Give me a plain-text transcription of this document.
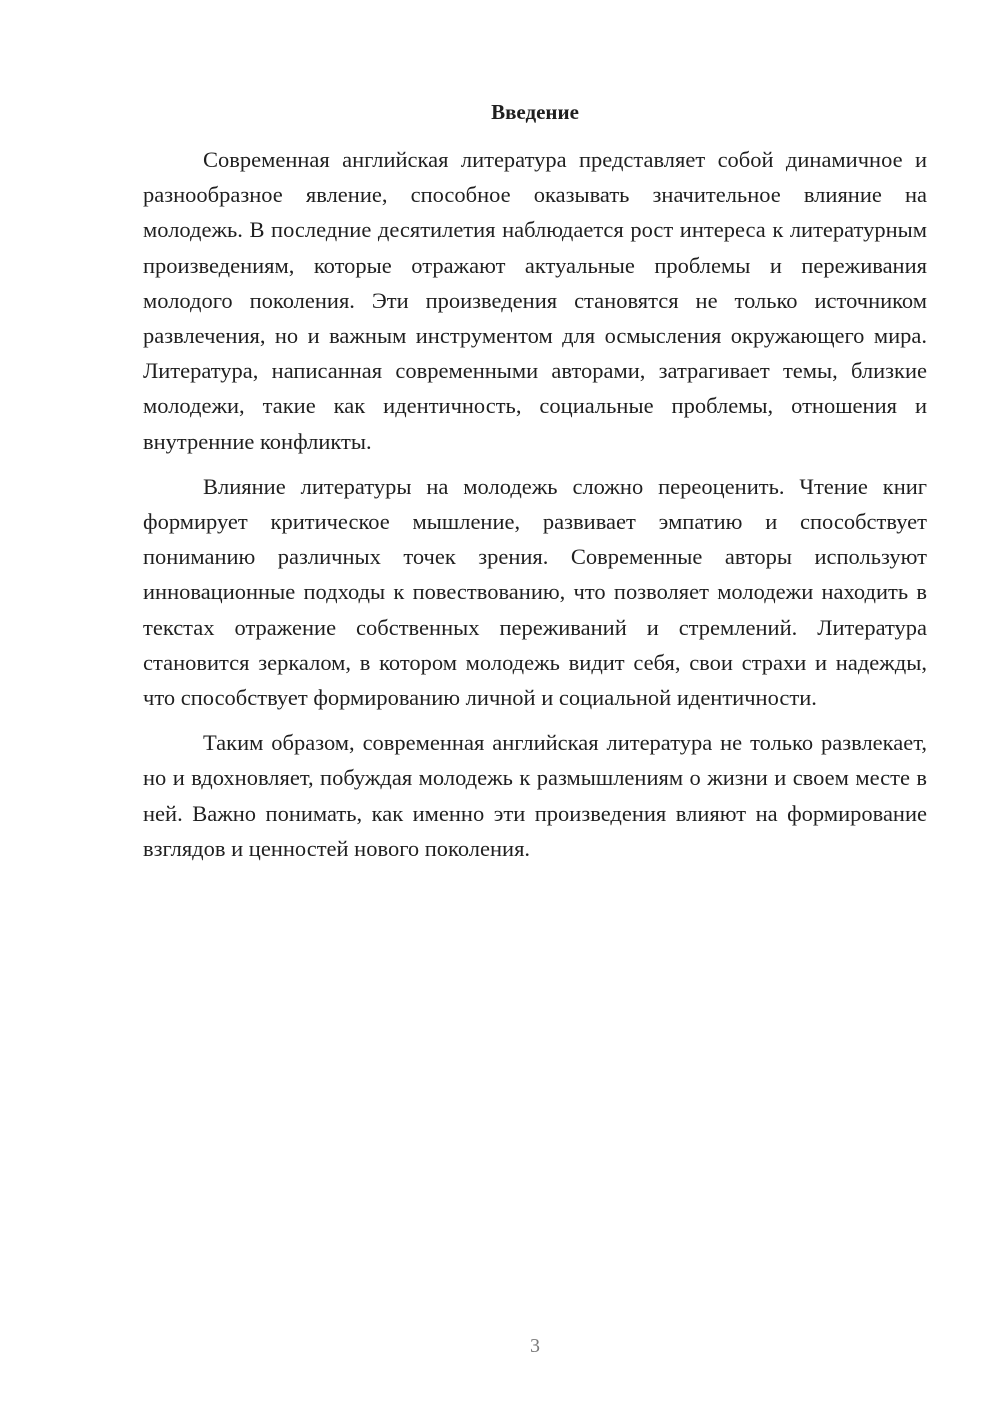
Введение

Современная английская литература представляет собой динамичное и разнообразное явление, способное оказывать значительное влияние на молодежь. В последние десятилетия наблюдается рост интереса к литературным произведениям, которые отражают актуальные проблемы и переживания молодого поколения. Эти произведения становятся не только источником развлечения, но и важным инструментом для осмысления окружающего мира. Литература, написанная современными авторами, затрагивает темы, близкие молодежи, такие как идентичность, социальные проблемы, отношения и внутренние конфликты.

Влияние литературы на молодежь сложно переоценить. Чтение книг формирует критическое мышление, развивает эмпатию и способствует пониманию различных точек зрения. Современные авторы используют инновационные подходы к повествованию, что позволяет молодежи находить в текстах отражение собственных переживаний и стремлений. Литература становится зеркалом, в котором молодежь видит себя, свои страхи и надежды, что способствует формированию личной и социальной идентичности.

Таким образом, современная английская литература не только развлекает, но и вдохновляет, побуждая молодежь к размышлениям о жизни и своем месте в ней. Важно понимать, как именно эти произведения влияют на формирование взглядов и ценностей нового поколения.

3
